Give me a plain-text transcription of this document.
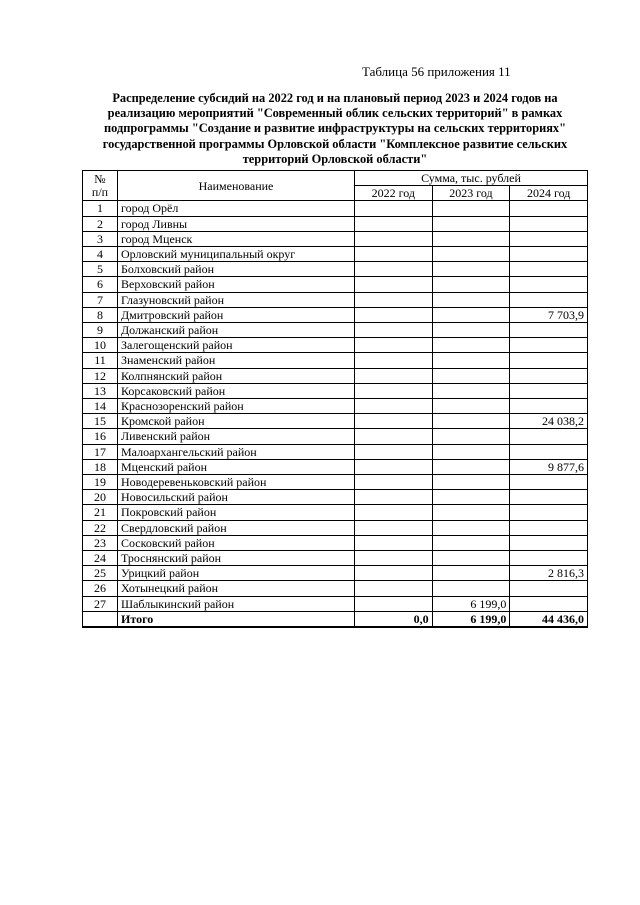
Таблица 56 приложения 11
Распределение субсидий на 2022 год и на плановый период 2023 и 2024 годов на реализацию мероприятий "Современный облик сельских территорий" в рамках подпрограммы "Создание и развитие инфраструктуры на сельских территориях" государственной программы Орловской области "Комплексное развитие сельских территорий Орловской области"
№
п/п	Наименование	Сумма, тыс. рублей		
		2022 год	2023 год	2024 год
1	город Орёл			
2	город Ливны			
3	город Мценск			
4	Орловский муниципальный округ			
5	Болховский район			
6	Верховский район			
7	Глазуновский район			
8	Дмитровский район			7 703,9
9	Должанский район			
10	Залегощенский район			
11	Знаменский район			
12	Колпнянский район			
13	Корсаковский район			
14	Краснозоренский район			
15	Кромской район			24 038,2
16	Ливенский район			
17	Малоархангельский район			
18	Мценский район			9 877,6
19	Новодеревеньковский район			
20	Новосильский район			
21	Покровский район			
22	Свердловский район			
23	Сосковский район			
24	Троснянский район			
25	Урицкий район			2 816,3
26	Хотынецкий район			
27	Шаблыкинский район		6 199,0	
	Итого	0,0	6 199,0	44 436,0
